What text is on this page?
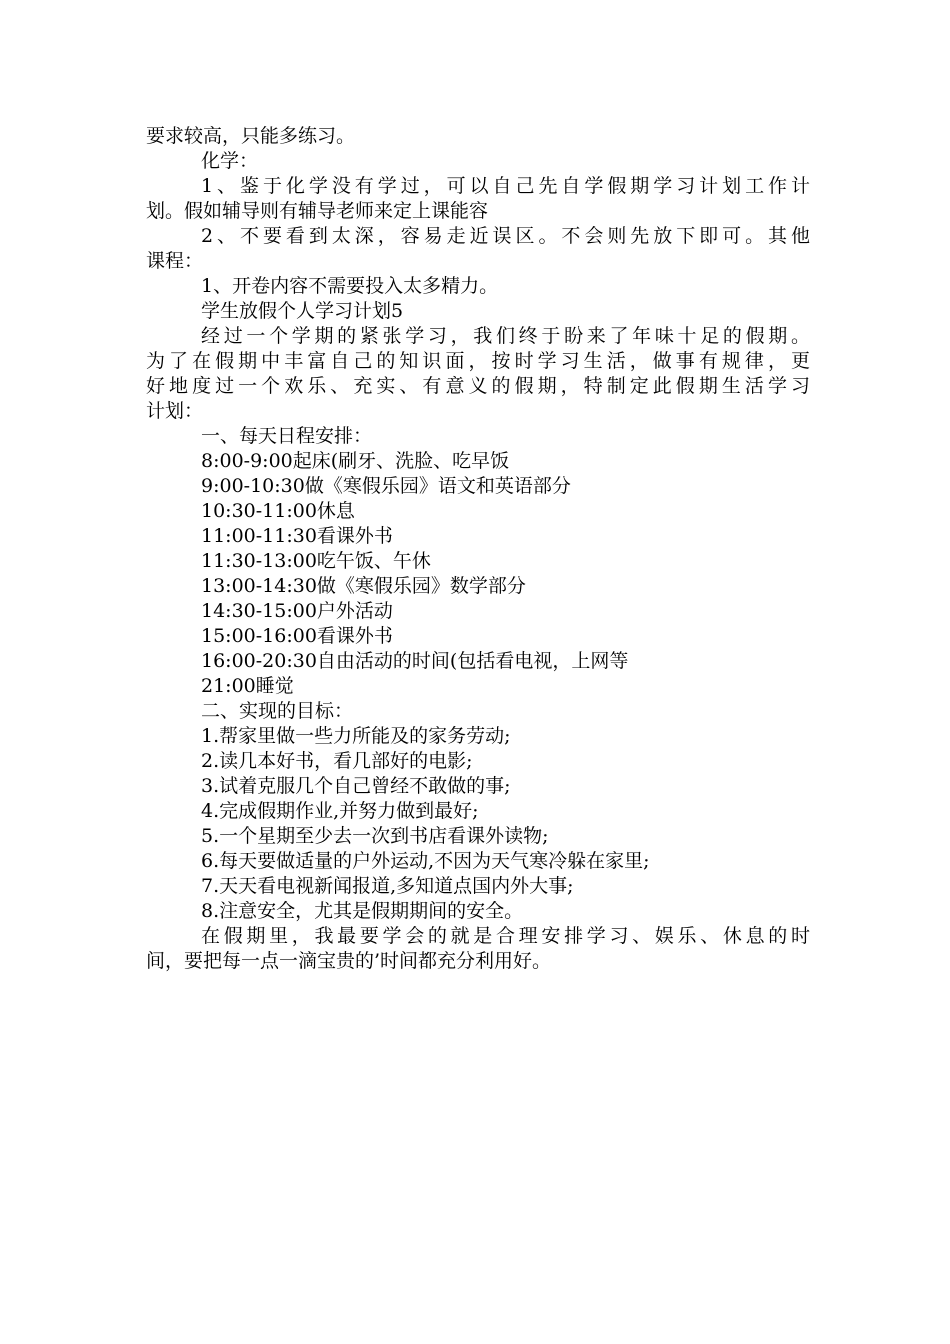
要求较高，只能多练习。
化学：
1、鉴于化学没有学过，可以自己先自学假期学习计划工作计
划。假如辅导则有辅导老师来定上课能容
2、不要看到太深，容易走近误区。不会则先放下即可。其他
课程：
1、开卷内容不需要投入太多精力。
学生放假个人学习计划5
经过一个学期的紧张学习，我们终于盼来了年味十足的假期。
为了在假期中丰富自己的知识面，按时学习生活，做事有规律，更
好地度过一个欢乐、充实、有意义的假期，特制定此假期生活学习
计划：
一、每天日程安排：
8:00-9:00起床(刷牙、洗脸、吃早饭
9:00-10:30做《寒假乐园》语文和英语部分
10:30-11:00休息
11:00-11:30看课外书
11:30-13:00吃午饭、午休
13:00-14:30做《寒假乐园》数学部分
14:30-15:00户外活动
15:00-16:00看课外书
16:00-20:30自由活动的时间(包括看电视，上网等
21:00睡觉
二、实现的目标：
1.帮家里做一些力所能及的家务劳动;
2.读几本好书，看几部好的电影;
3.试着克服几个自己曾经不敢做的事;
4.完成假期作业,并努力做到最好;
5.一个星期至少去一次到书店看课外读物;
6.每天要做适量的户外运动,不因为天气寒冷躲在家里;
7.天天看电视新闻报道,多知道点国内外大事;
8.注意安全，尤其是假期期间的安全。
在假期里，我最要学会的就是合理安排学习、娱乐、休息的时
间，要把每一点一滴宝贵的’时间都充分利用好。
